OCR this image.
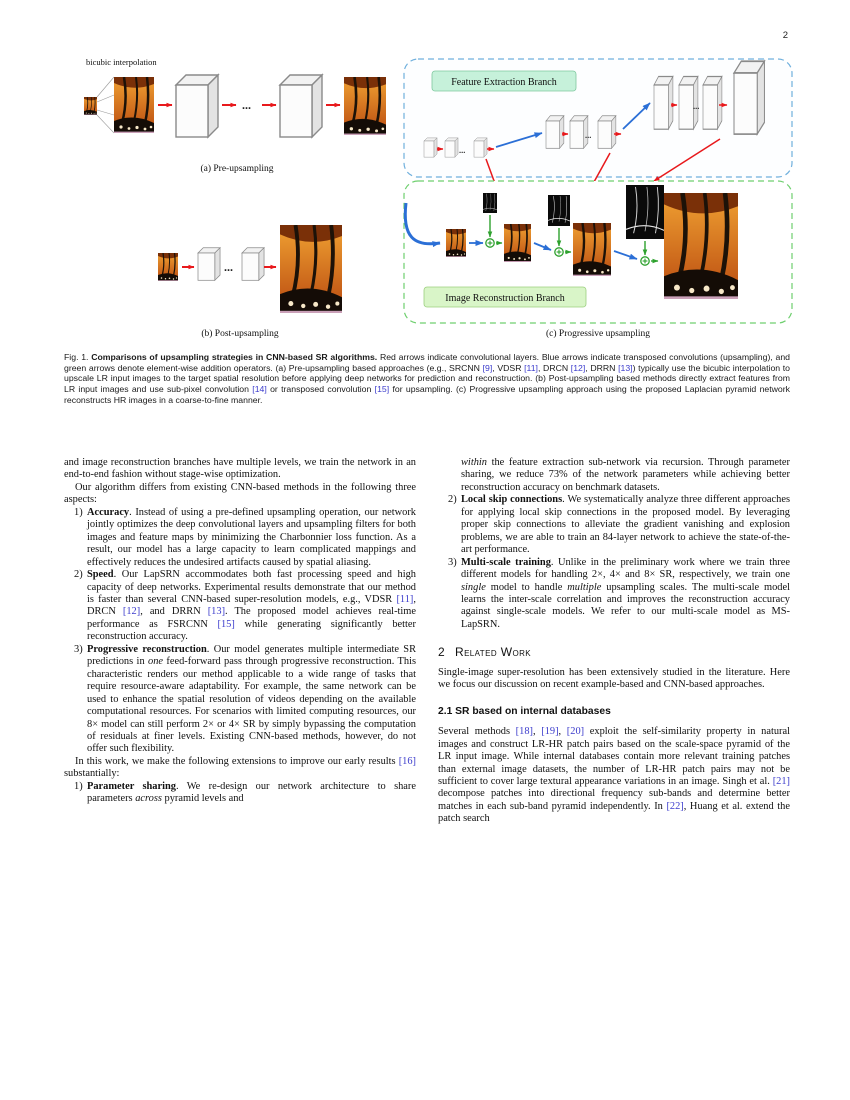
2
bicubic interpolation
...
(a) Pre-upsampling
...
(b) Post-upsampling
Feature Extraction Branch
...
...
...
Image Reconstruction Branch
(c) Progressive upsampling
Fig. 1. Comparisons of upsampling strategies in CNN-based SR algorithms. Red arrows indicate convolutional layers. Blue arrows indicate transposed convolutions (upsampling), and green arrows denote element-wise addition operators. (a) Pre-upsampling based approaches (e.g., SRCNN [9], VDSR [11], DRCN [12], DRRN [13]) typically use the bicubic interpolation to upscale LR input images to the target spatial resolution before applying deep networks for prediction and reconstruction. (b) Post-upsampling based methods directly extract features from LR input images and use sub-pixel convolution [14] or transposed convolution [15] for upsampling. (c) Progressive upsampling approach using the proposed Laplacian pyramid network reconstructs HR images in a coarse-to-fine manner.

and image reconstruction branches have multiple levels, we train the network in an end-to-end fashion without stage-wise optimization.

Our algorithm differs from existing CNN-based methods in the following three aspects:

1) Accuracy. Instead of using a pre-defined upsampling operation, our network jointly optimizes the deep convolutional layers and upsampling filters for both images and feature maps by minimizing the Charbonnier loss function. As a result, our model has a large capacity to learn complicated mappings and effectively reduces the undesired artifacts caused by spatial aliasing.
2) Speed. Our LapSRN accommodates both fast processing speed and high capacity of deep networks. Experimental results demonstrate that our method is faster than several CNN-based super-resolution models, e.g., VDSR [11], DRCN [12], and DRRN [13]. The proposed model achieves real-time performance as FSRCNN [15] while generating significantly better reconstruction accuracy.
3) Progressive reconstruction. Our model generates multiple intermediate SR predictions in one feed-forward pass through progressive reconstruction. This characteristic renders our method applicable to a wide range of tasks that require resource-aware adaptability. For example, the same network can be used to enhance the spatial resolution of videos depending on the available computational resources. For scenarios with limited computing resources, our 8× model can still perform 2× or 4× SR by simply bypassing the computation of residuals at finer levels. Existing CNN-based methods, however, do not offer such flexibility.

In this work, we make the following extensions to improve our early results [16] substantially:

1) Parameter sharing. We re-design our network architecture to share parameters across pyramid levels and
within the feature extraction sub-network via recursion. Through parameter sharing, we reduce 73% of the network parameters while achieving better reconstruction accuracy on benchmark datasets.
2) Local skip connections. We systematically analyze three different approaches for applying local skip connections in the proposed model. By leveraging proper skip connections to alleviate the gradient vanishing and explosion problems, we are able to train an 84-layer network to achieve the state-of-the-art performance.
3) Multi-scale training. Unlike in the preliminary work where we train three different models for handling 2×, 4× and 8× SR, respectively, we train one single model to handle multiple upsampling scales. The multi-scale model learns the inter-scale correlation and improves the reconstruction accuracy against single-scale models. We refer to our multi-scale model as MS-LapSRN.
2 Related Work

Single-image super-resolution has been extensively studied in the literature. Here we focus our discussion on recent example-based and CNN-based approaches.

2.1 SR based on internal databases

Several methods [18], [19], [20] exploit the self-similarity property in natural images and construct LR-HR patch pairs based on the scale-space pyramid of the LR input image. While internal databases contain more relevant training patches than external image datasets, the number of LR-HR patch pairs may not be sufficient to cover large textural appearance variations in an image. Singh et al. [21] decompose patches into directional frequency sub-bands and determine better matches in each sub-band pyramid independently. In [22], Huang et al. extend the patch search
